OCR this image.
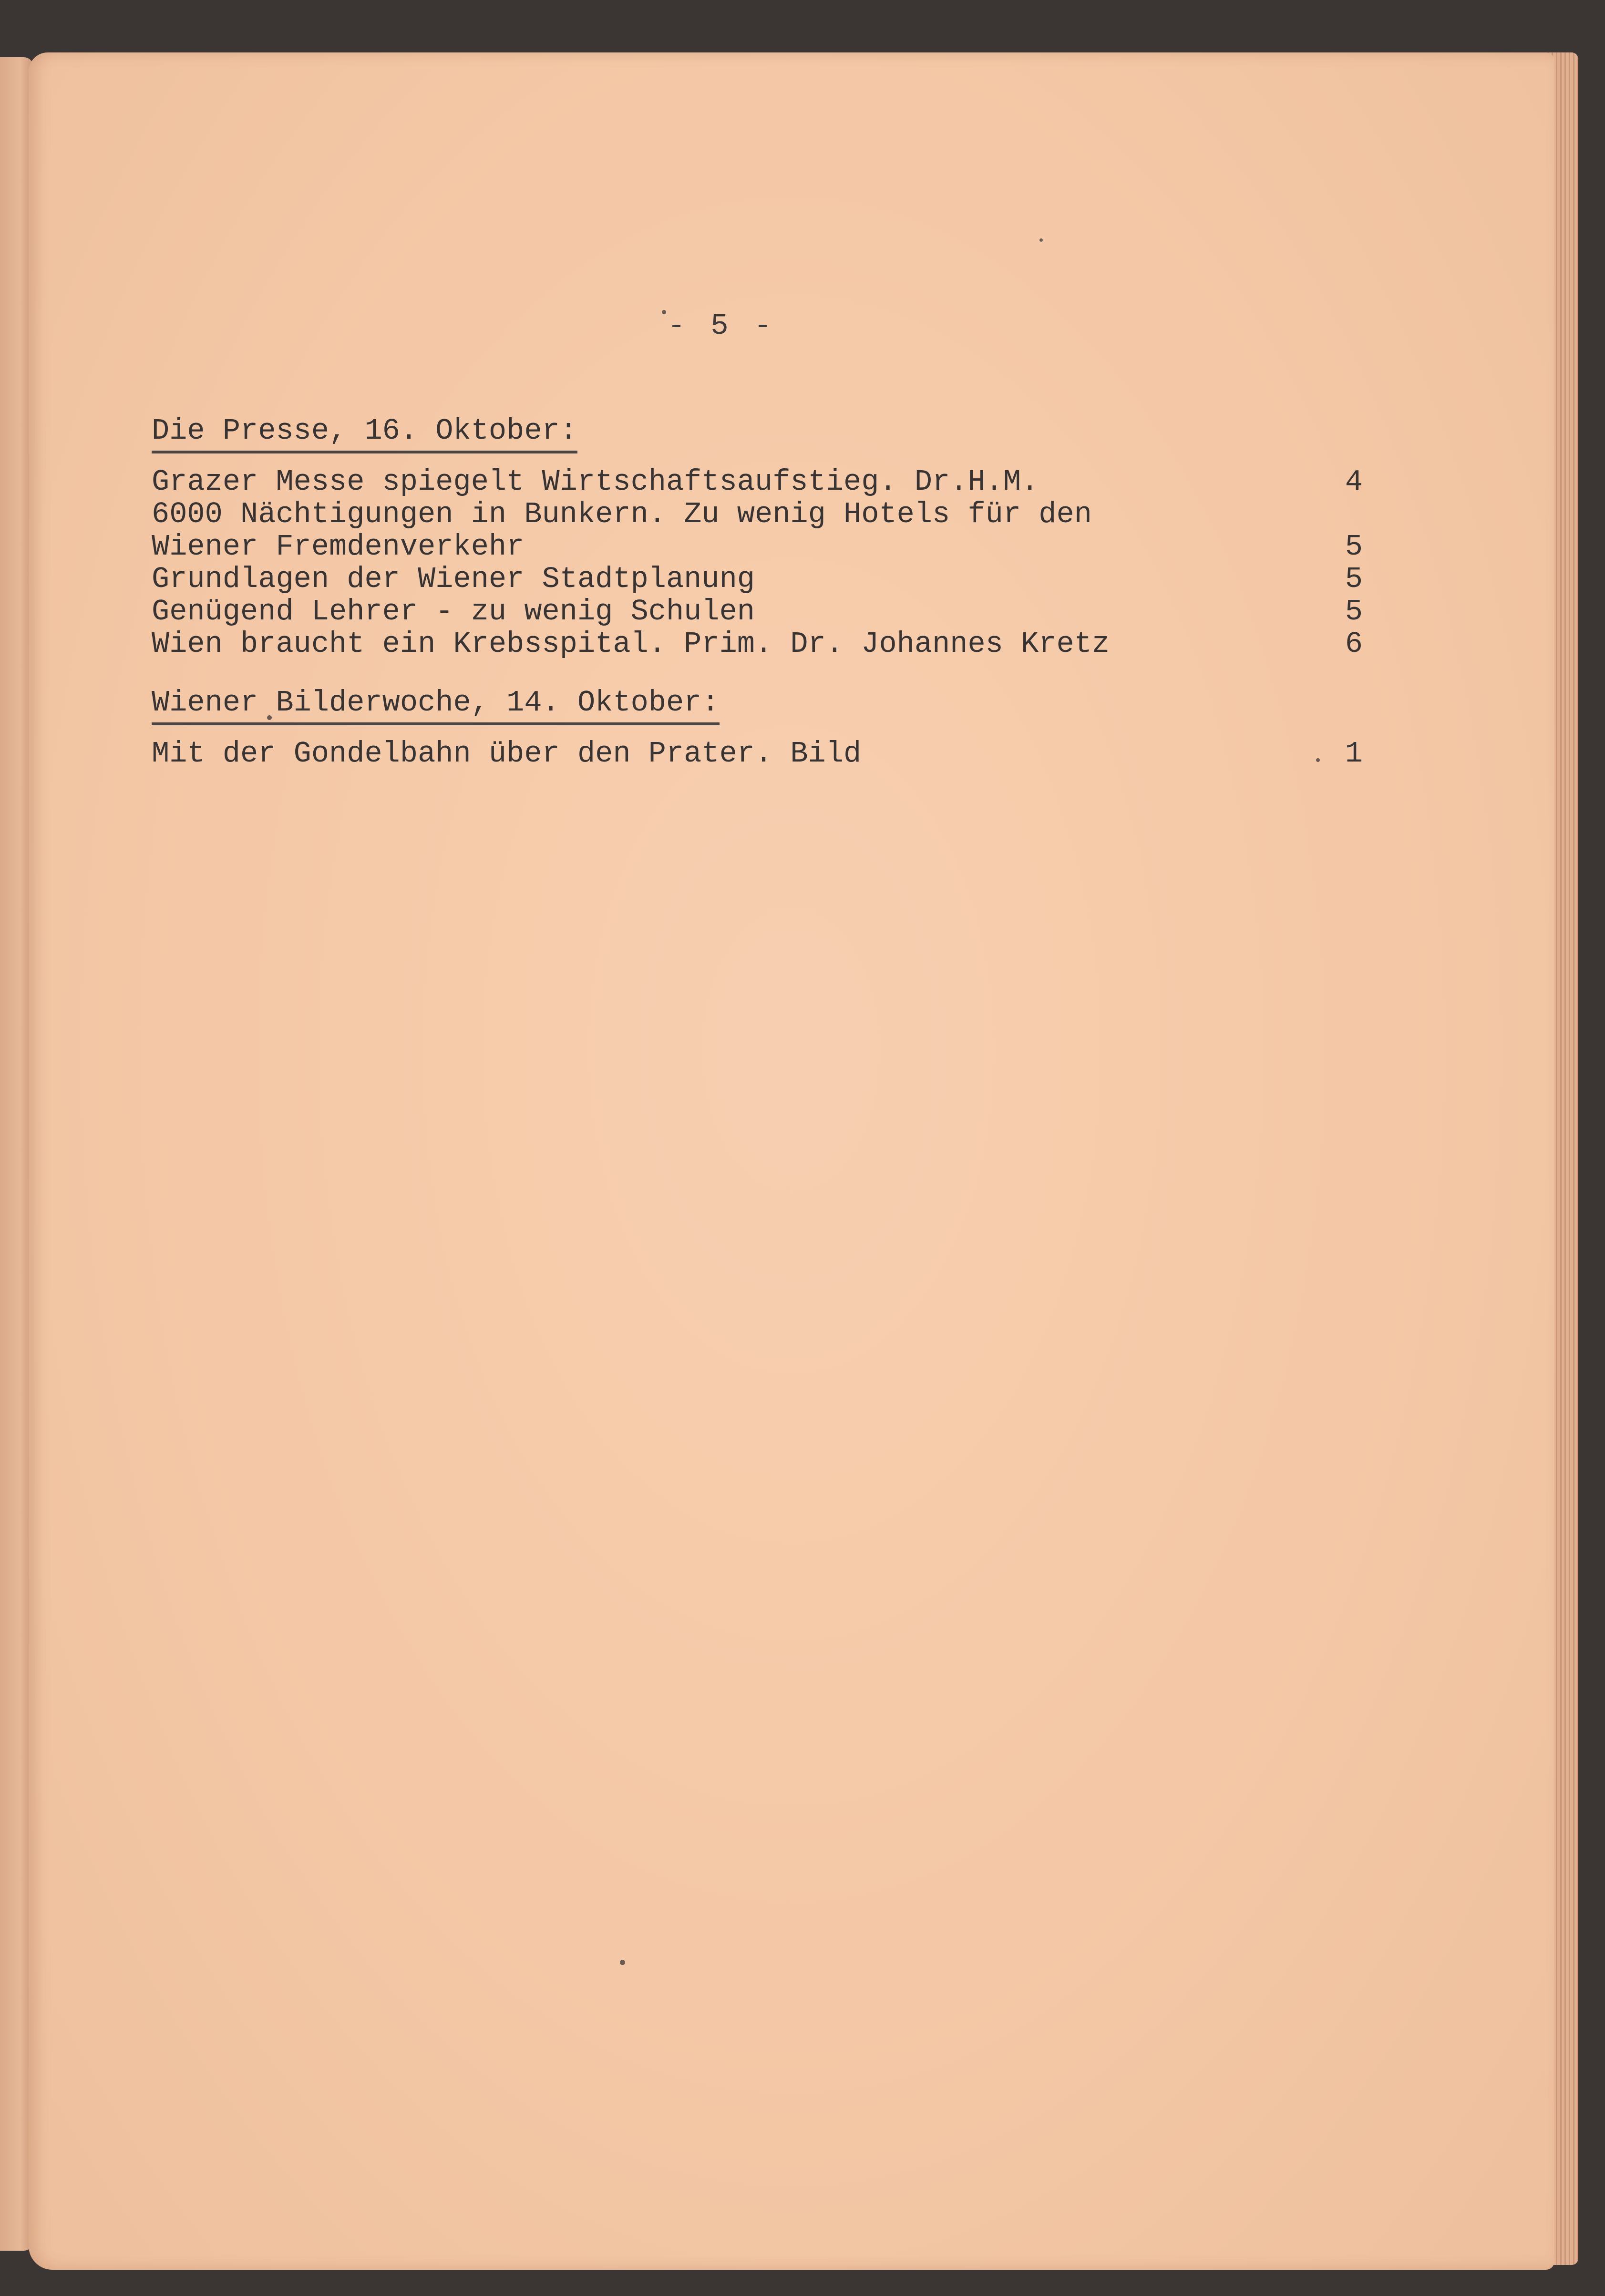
- 5 -
Die Presse, 16. Oktober:
Grazer Messe spiegelt Wirtschaftsaufstieg. Dr.H.M.	4
6000 Nächtigungen in Bunkern. Zu wenig Hotels für den
Wiener Fremdenverkehr	5
Grundlagen der Wiener Stadtplanung	5
Genügend Lehrer - zu wenig Schulen	5
Wien braucht ein Krebsspital. Prim. Dr. Johannes Kretz	6
Wiener Bilderwoche, 14. Oktober:
Mit der Gondelbahn über den Prater. Bild	1
